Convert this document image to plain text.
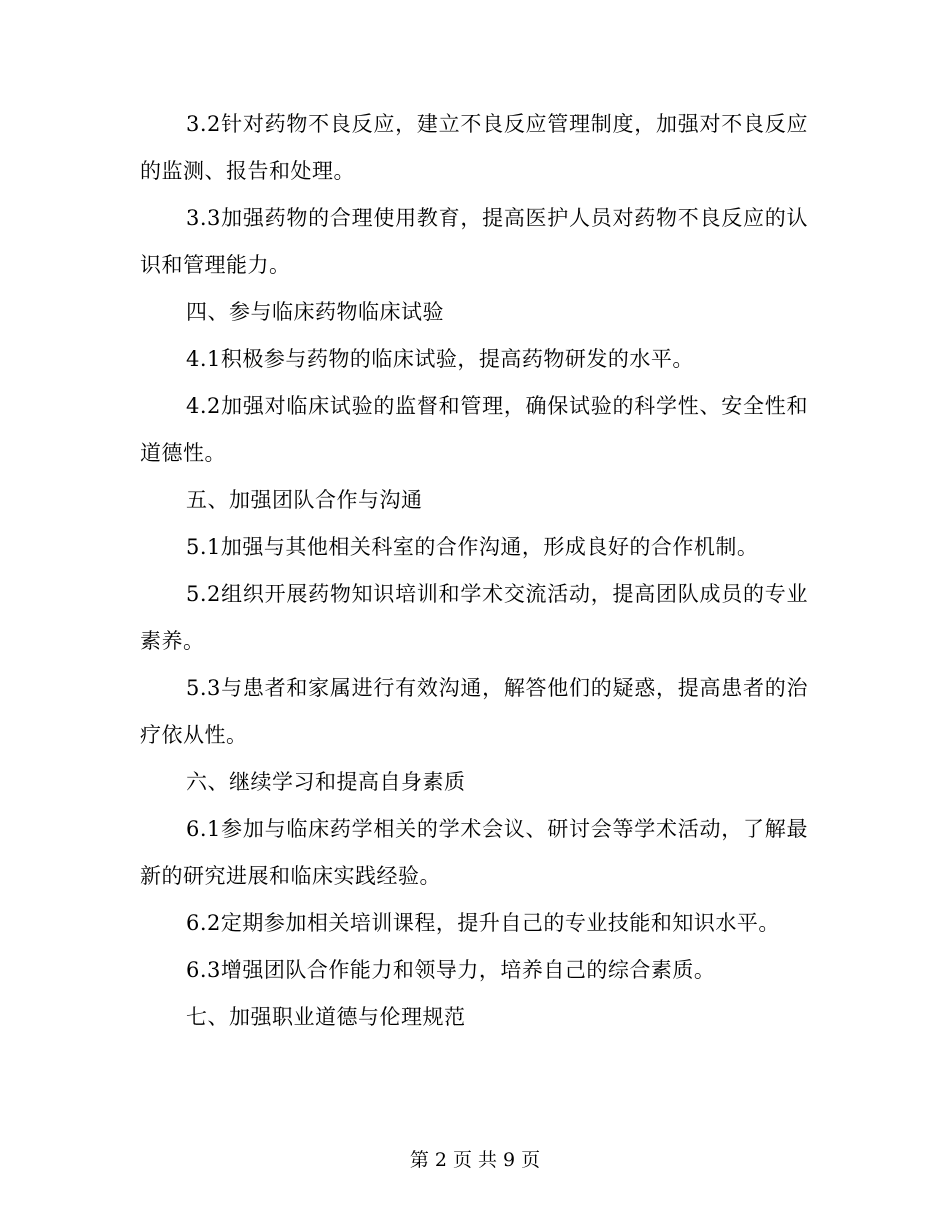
3.2针对药物不良反应，建立不良反应管理制度，加强对不良反应的监测、报告和处理。

3.3加强药物的合理使用教育，提高医护人员对药物不良反应的认识和管理能力。

四、参与临床药物临床试验

4.1积极参与药物的临床试验，提高药物研发的水平。

4.2加强对临床试验的监督和管理，确保试验的科学性、安全性和道德性。

五、加强团队合作与沟通

5.1加强与其他相关科室的合作沟通，形成良好的合作机制。

5.2组织开展药物知识培训和学术交流活动，提高团队成员的专业素养。

5.3与患者和家属进行有效沟通，解答他们的疑惑，提高患者的治疗依从性。

六、继续学习和提高自身素质

6.1参加与临床药学相关的学术会议、研讨会等学术活动，了解最新的研究进展和临床实践经验。

6.2定期参加相关培训课程，提升自己的专业技能和知识水平。

6.3增强团队合作能力和领导力，培养自己的综合素质。

七、加强职业道德与伦理规范

第 2 页 共 9 页
